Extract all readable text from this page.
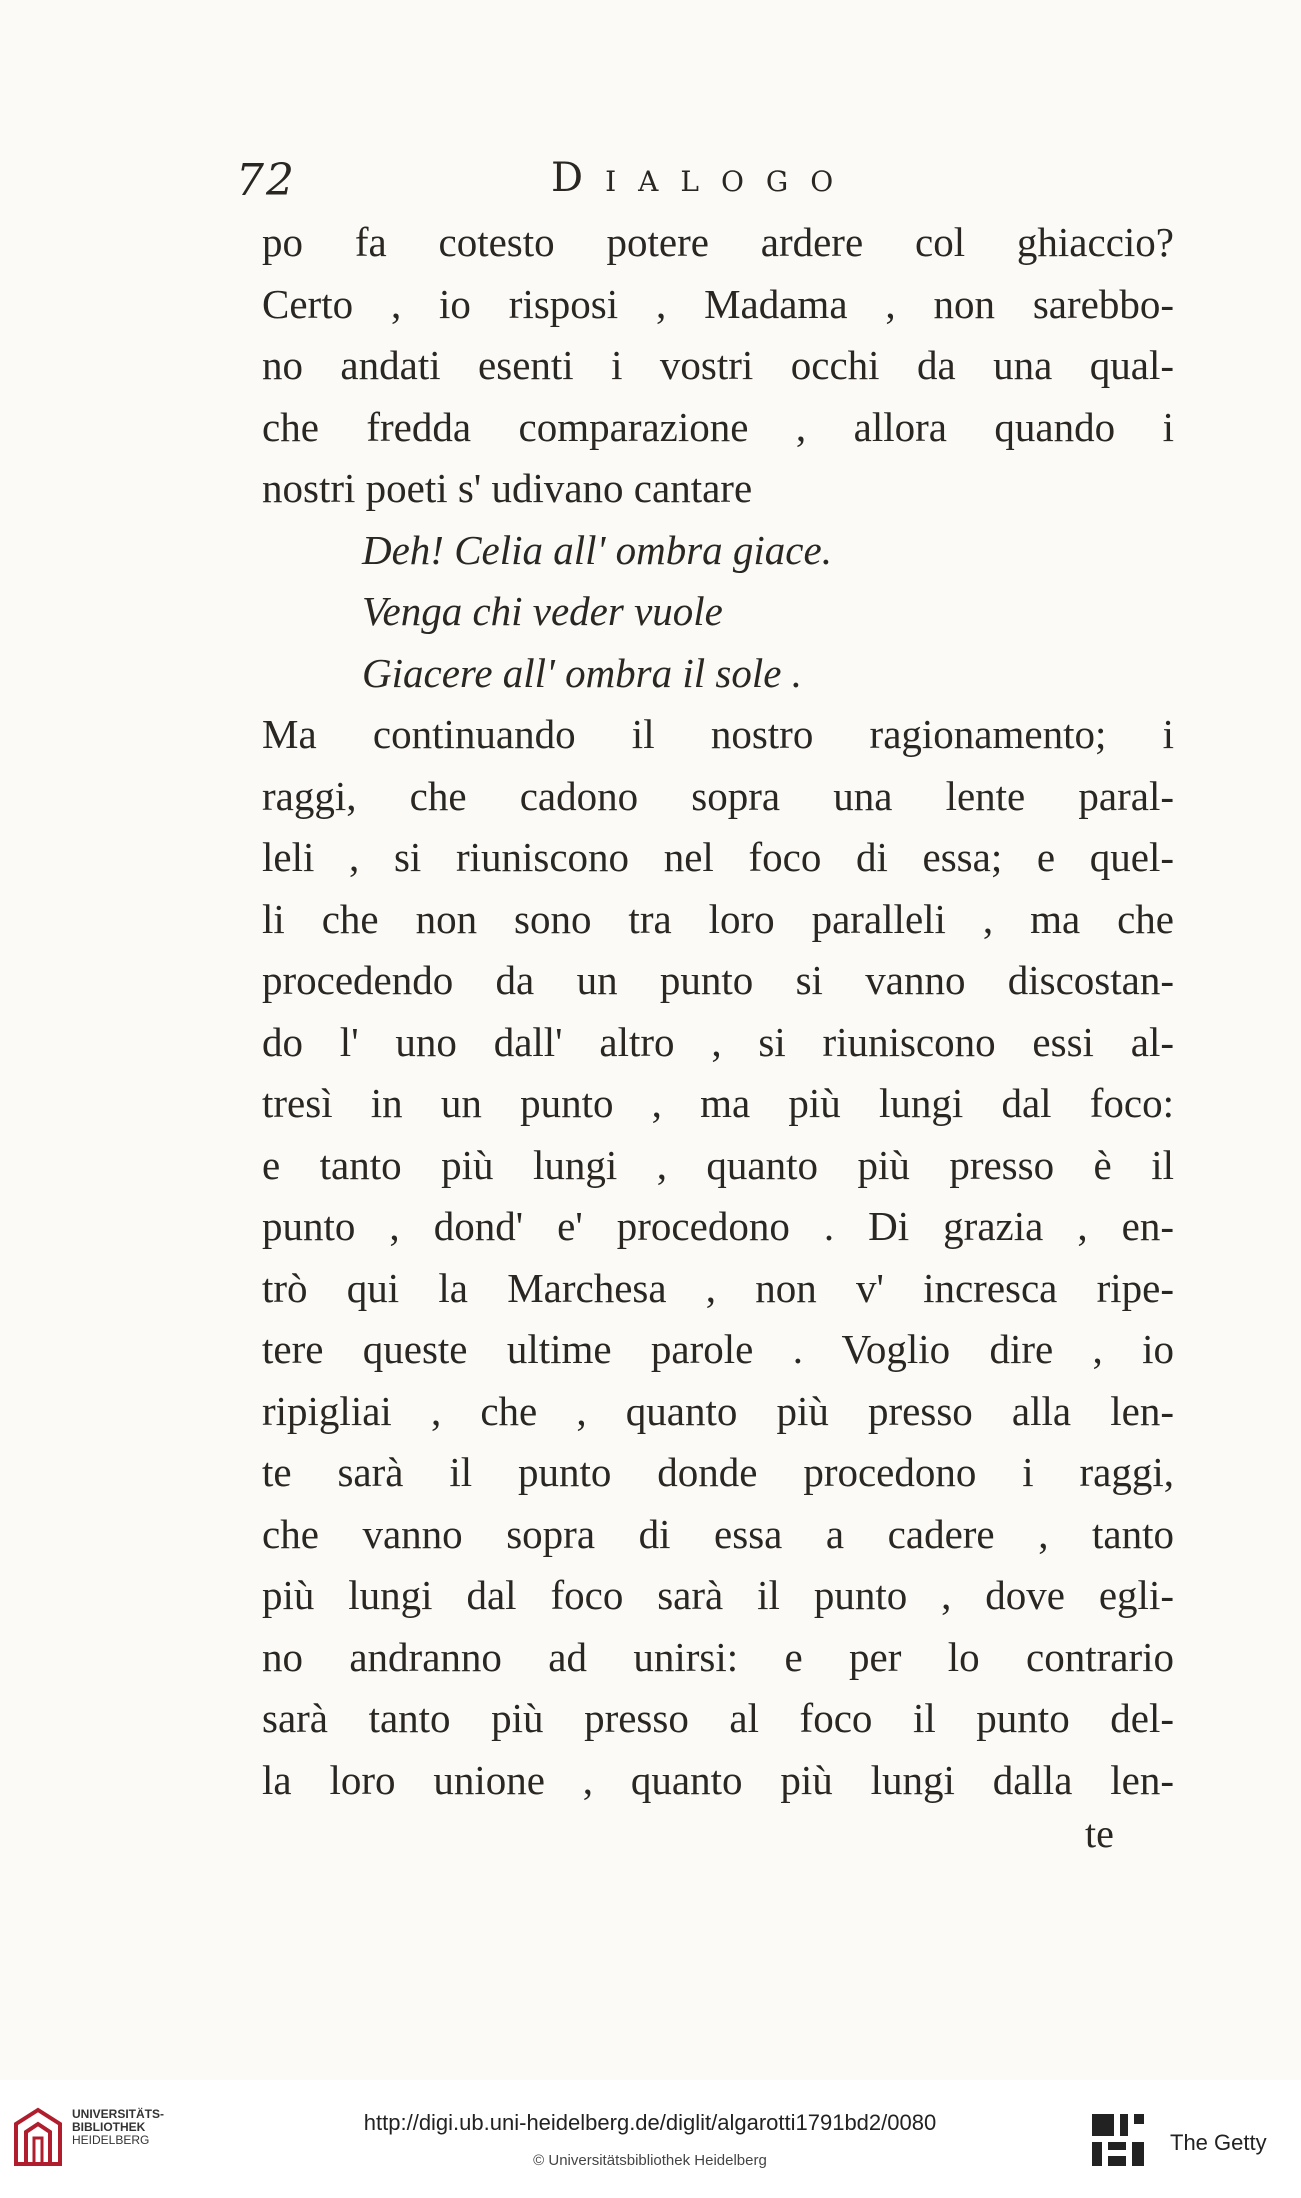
72	Dialogo
po fa cotesto potere ardere col ghiaccio?
Certo , io risposi , Madama , non sarebbo-
no andati esenti i vostri occhi da una qual-
che fredda comparazione , allora quando i
nostri poeti s' udivano cantare
Deh! Celia all' ombra giace.
Venga chi veder vuole
Giacere all' ombra il sole .
Ma continuando il nostro ragionamento; i
raggi, che cadono sopra una lente paral-
leli , si riuniscono nel foco di essa; e quel-
li che non sono tra loro paralleli , ma che
procedendo da un punto si vanno discostan-
do l' uno dall' altro , si riuniscono essi al-
tresì in un punto , ma più lungi dal foco:
e tanto più lungi , quanto più presso è il
punto , dond' e' procedono . Di grazia , en-
trò qui la Marchesa , non v' incresca ripe-
tere queste ultime parole . Voglio dire , io
ripigliai , che , quanto più presso alla len-
te sarà il punto donde procedono i raggi,
che vanno sopra di essa a cadere , tanto
più lungi dal foco sarà il punto , dove egli-
no andranno ad unirsi: e per lo contrario
sarà tanto più presso al foco il punto del-
la loro unione , quanto più lungi dalla len-
te
UNIVERSITÄTS-
BIBLIOTHEK

HEIDELBERG
http://digi.ub.uni-heidelberg.de/diglit/algarotti1791bd2/0080
© Universitätsbibliothek Heidelberg
The Getty
